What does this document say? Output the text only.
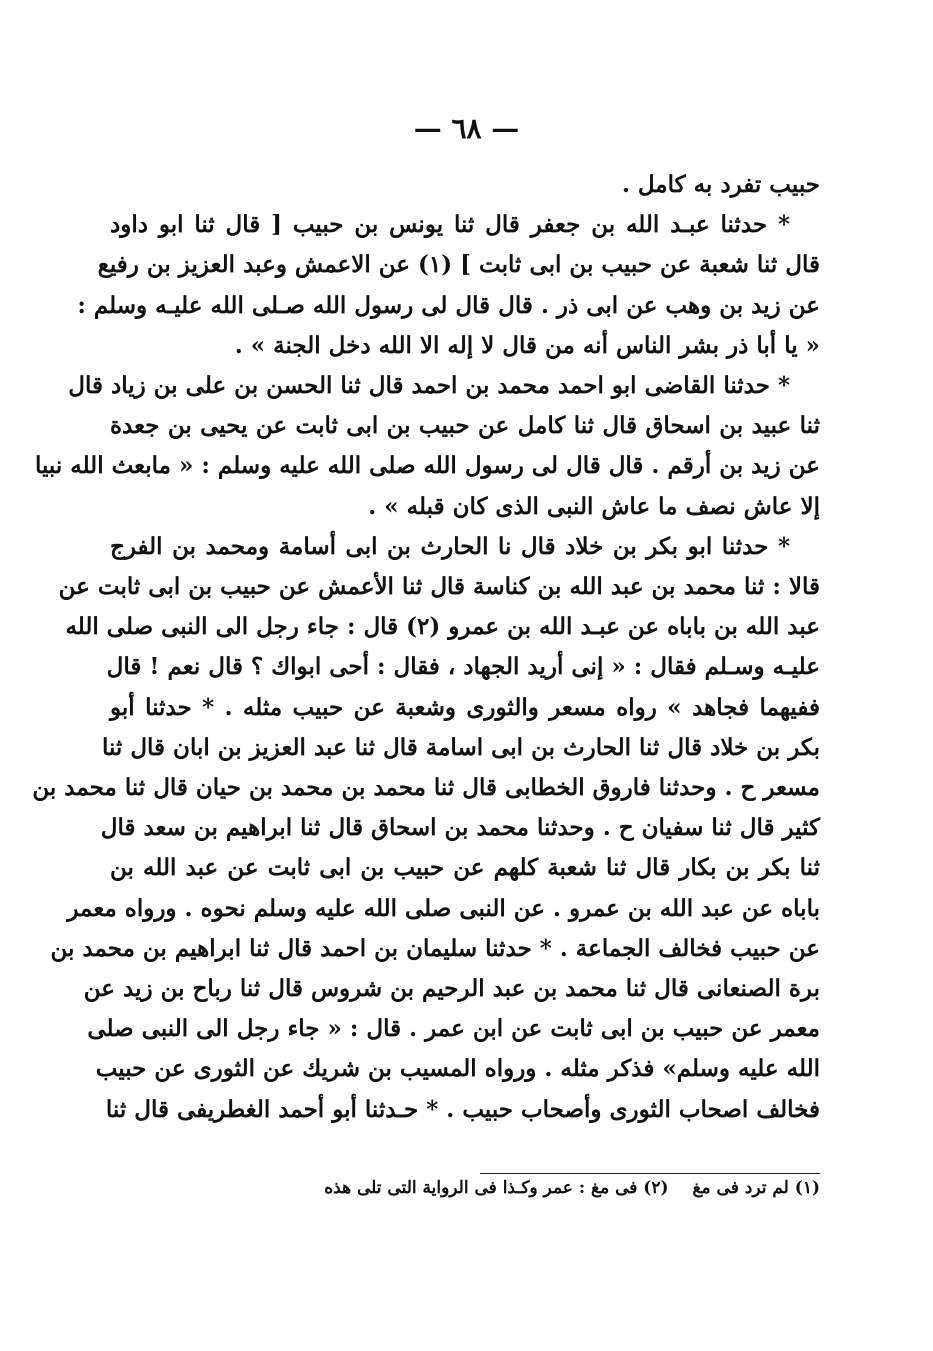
— ٦٨ —
حبيب تفرد به كامل .
* حدثنا عبـد الله بن جعفر قال ثنا يونس بن حبيب [ قال ثنا ابو داود
قال ثنا شعبة عن حبيب بن ابى ثابت ] (١) عن الاعمش وعبد العزيز بن رفيع
عن زيد بن وهب عن ابى ذر . قال قال لى رسول الله صـلى الله عليـه وسلم :
« يا أبا ذر بشر الناس أنه من قال لا إله الا الله دخل الجنة » .
* حدثنا القاضى ابو احمد محمد بن احمد قال ثنا الحسن بن على بن زياد قال
ثنا عبيد بن اسحاق قال ثنا كامل عن حبيب بن ابى ثابت عن يحيى بن جعدة
عن زيد بن أرقم . قال قال لى رسول الله صلى الله عليه وسلم : « مابعث الله نبيا
إلا عاش نصف ما عاش النبى الذى كان قبله » .
* حدثنا ابو بكر بن خلاد قال نا الحارث بن ابى أسامة ومحمد بن الفرج
قالا : ثنا محمد بن عبد الله بن كناسة قال ثنا الأعمش عن حبيب بن ابى ثابت عن
عبد الله بن باباه عن عبـد الله بن عمرو (٢) قال : جاء رجل الى النبى صلى الله
عليـه وسـلم فقال : « إنى أريد الجهاد ، فقال : أحى ابواك ؟ قال نعم ! قال
ففيهما فجاهد » رواه مسعر والثورى وشعبة عن حبيب مثله . * حدثنا أبو
بكر بن خلاد قال ثنا الحارث بن ابى اسامة قال ثنا عبد العزيز بن ابان قال ثنا
مسعر ح . وحدثنا فاروق الخطابى قال ثنا محمد بن محمد بن حيان قال ثنا محمد بن
كثير قال ثنا سفيان ح . وحدثنا محمد بن اسحاق قال ثنا ابراهيم بن سعد قال
ثنا بكر بن بكار قال ثنا شعبة كلهم عن حبيب بن ابى ثابت عن عبد الله بن
باباه عن عبد الله بن عمرو . عن النبى صلى الله عليه وسلم نحوه . ورواه معمر
عن حبيب فخالف الجماعة . * حدثنا سليمان بن احمد قال ثنا ابراهيم بن محمد بن
برة الصنعانى قال ثنا محمد بن عبد الرحيم بن شروس قال ثنا رباح بن زيد عن
معمر عن حبيب بن ابى ثابت عن ابن عمر . قال : « جاء رجل الى النبى صلى
الله عليه وسلم» فذكر مثله . ورواه المسيب بن شريك عن الثورى عن حبيب
فخالف اصحاب الثورى وأصحاب حبيب . * حـدثنا أبو أحمد الغطريفى قال ثنا
(١) لم ترد فى مغ (٢) فى مغ : عمر وكـذا فى الرواية التى تلى هذه
